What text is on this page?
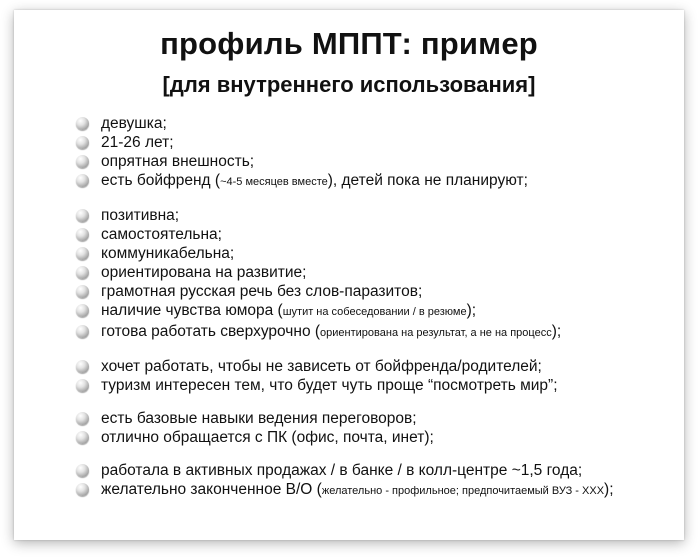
профиль МППТ: пример
[для внутреннего использования]
девушка;
21-26 лет;
опрятная внешность;
есть бойфренд (~4-5 месяцев вместе), детей пока не планируют;
позитивна;
самостоятельна;
коммуникабельна;
ориентирована на развитие;
грамотная русская речь без слов-паразитов;
наличие чувства юмора (шутит на собеседовании / в резюме);
готова работать сверхурочно (ориентирована на результат, а не на процесс);
хочет работать, чтобы не зависеть от бойфренда/родителей;
туризм интересен тем, что будет чуть проще “посмотреть мир”;
есть базовые навыки ведения переговоров;
отлично обращается с ПК (офис, почта, инет);
работала в активных продажах / в банке / в колл-центре ~1,5 года;
желательно законченное В/О (желательно - профильное; предпочитаемый ВУЗ - ХХХ);
